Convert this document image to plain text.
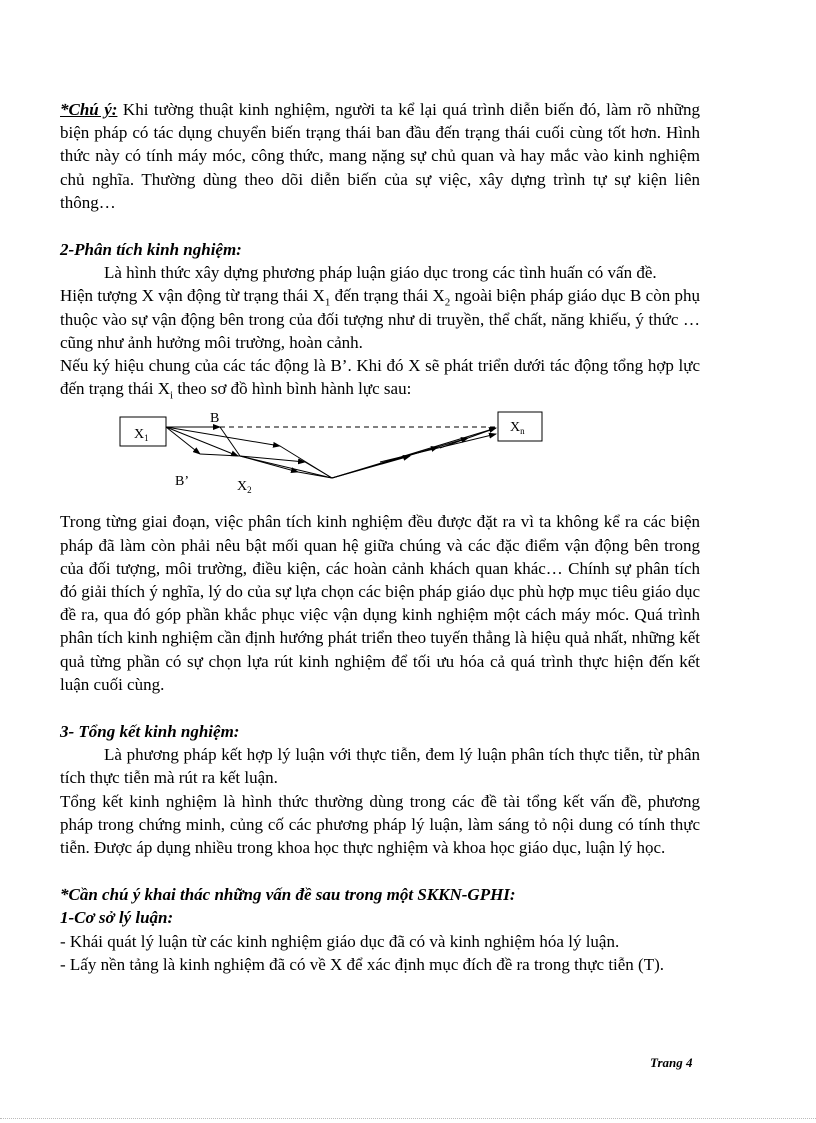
*Chú ý: Khi tường thuật kinh nghiệm, người ta kể lại quá trình diễn biến đó, làm rõ những biện pháp có tác dụng chuyển biến trạng thái ban đầu đến trạng thái cuối cùng tốt hơn. Hình thức này có tính máy móc, công thức, mang nặng sự chủ quan và hay mắc vào kinh nghiệm chủ nghĩa. Thường dùng theo dõi diễn biến của sự việc, xây dựng trình tự sự kiện liên thông…

2-Phân tích kinh nghiệm:

Là hình thức xây dựng phương pháp luận giáo dục trong các tình huấn có vấn đề.

Hiện tượng X vận động từ trạng thái $X_1$ đến trạng thái $X_2$ ngoài biện pháp giáo dục B còn phụ thuộc vào sự vận động bên trong của đối tượng như di truyền, thể chất, năng khiếu, ý thức … cũng như ảnh hưởng môi trường, hoàn cảnh.

Nếu ký hiệu chung của các tác động là B’. Khi đó X sẽ phát triển dưới tác động tổng hợp lực đến trạng thái $X_i$ theo sơ đồ hình bình hành lực sau:

$X_1$
$X_n$
B
B’	$X_2$

Trong từng giai đoạn, việc phân tích kinh nghiệm đều được đặt ra vì ta không kể ra các biện pháp đã làm còn phải nêu bật mối quan hệ giữa chúng và các đặc điểm vận động bên trong của đối tượng, môi trường, điều kiện, các hoàn cảnh khách quan khác… Chính sự phân tích đó giải thích ý nghĩa, lý do của sự lựa chọn các biện pháp giáo dục phù hợp mục tiêu giáo dục đề ra, qua đó góp phần khắc phục việc vận dụng kinh nghiệm một cách máy móc. Quá trình phân tích kinh nghiệm cần định hướng phát triển theo tuyến thẳng là hiệu quả nhất, những kết quả từng phần có sự chọn lựa rút kinh nghiệm để tối ưu hóa cả quá trình thực hiện đến kết luận cuối cùng.

3- Tổng kết kinh nghiệm:

Là phương pháp kết hợp lý luận với thực tiễn, đem lý luận phân tích thực tiễn, từ phân tích thực tiễn mà rút ra kết luận.

Tổng kết kinh nghiệm là hình thức thường dùng trong các đề tài tổng kết vấn đề, phương pháp trong chứng minh, củng cố các phương pháp lý luận, làm sáng tỏ nội dung có tính thực tiễn. Được áp dụng nhiều trong khoa học thực nghiệm và khoa học giáo dục, luận lý học.

*Cần chú ý khai thác những vấn đề sau trong một SKKN-GPHI:

1-Cơ sở lý luận:

- Khái quát lý luận từ các kinh nghiệm giáo dục đã có và kinh nghiệm hóa lý luận.

- Lấy nền tảng là kinh nghiệm đã có về X để xác định mục đích đề ra trong thực tiễn (T).

Trang 4
